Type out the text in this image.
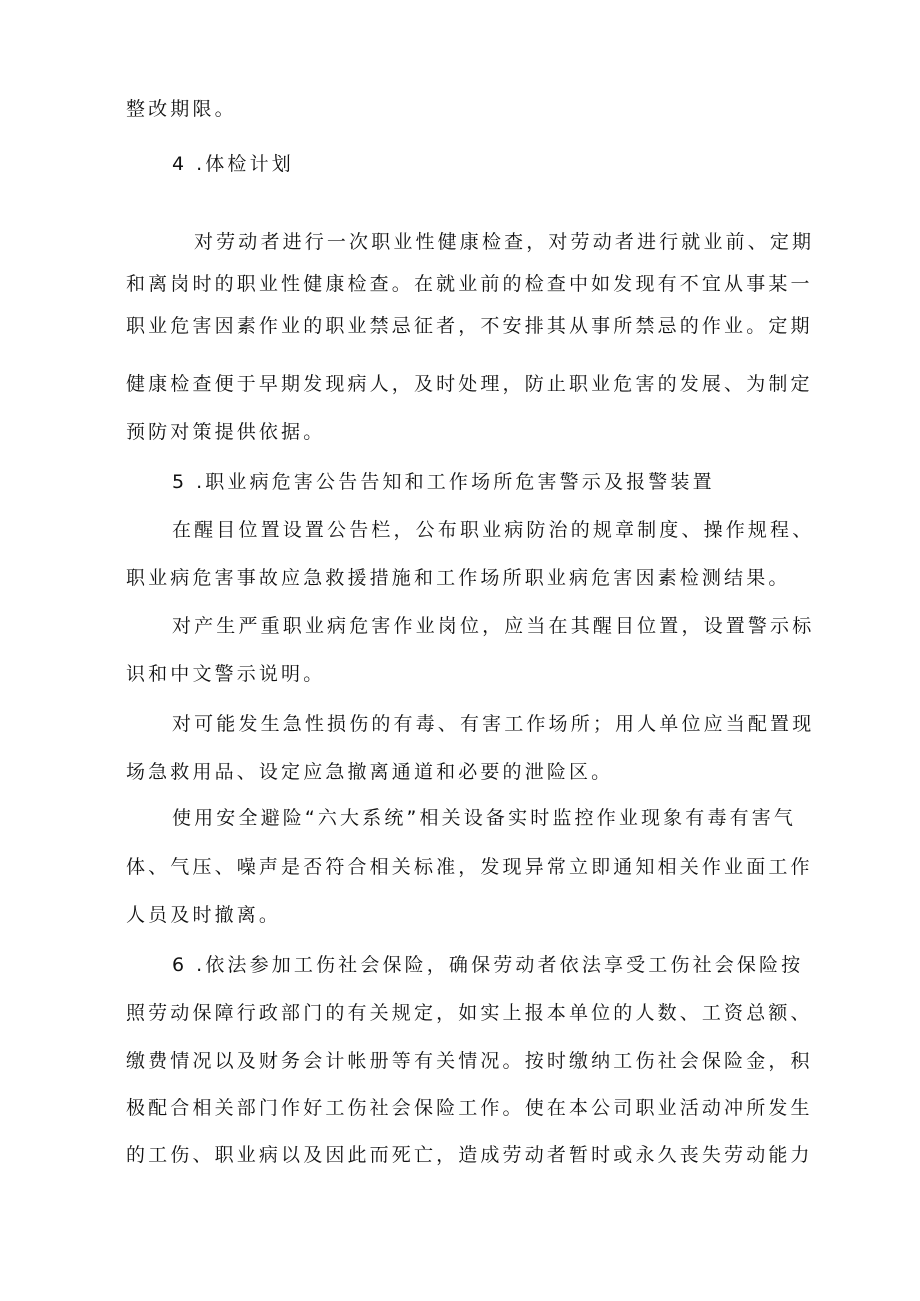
整改期限。
4 .体检计划
对劳动者进行一次职业性健康检查，对劳动者进行就业前、定期
和离岗时的职业性健康检查。在就业前的检查中如发现有不宜从事某一
职业危害因素作业的职业禁忌征者，不安排其从事所禁忌的作业。定期
健康检查便于早期发现病人，及时处理，防止职业危害的发展、为制定
预防对策提供依据。
5 .职业病危害公告告知和工作场所危害警示及报警装置
在醒目位置设置公告栏，公布职业病防治的规章制度、操作规程、
职业病危害事故应急救援措施和工作场所职业病危害因素检测结果。
对产生严重职业病危害作业岗位，应当在其醒目位置，设置警示标
识和中文警示说明。
对可能发生急性损伤的有毒、有害工作场所；用人单位应当配置现
场急救用品、设定应急撤离通道和必要的泄险区。
使用安全避险“六大系统”相关设备实时监控作业现象有毒有害气
体、气压、噪声是否符合相关标准，发现异常立即通知相关作业面工作
人员及时撤离。
6 .依法参加工伤社会保险，确保劳动者依法享受工伤社会保险按
照劳动保障行政部门的有关规定，如实上报本单位的人数、工资总额、
缴费情况以及财务会计帐册等有关情况。按时缴纳工伤社会保险金，积
极配合相关部门作好工伤社会保险工作。使在本公司职业活动冲所发生
的工伤、职业病以及因此而死亡，造成劳动者暂时或永久丧失劳动能力
